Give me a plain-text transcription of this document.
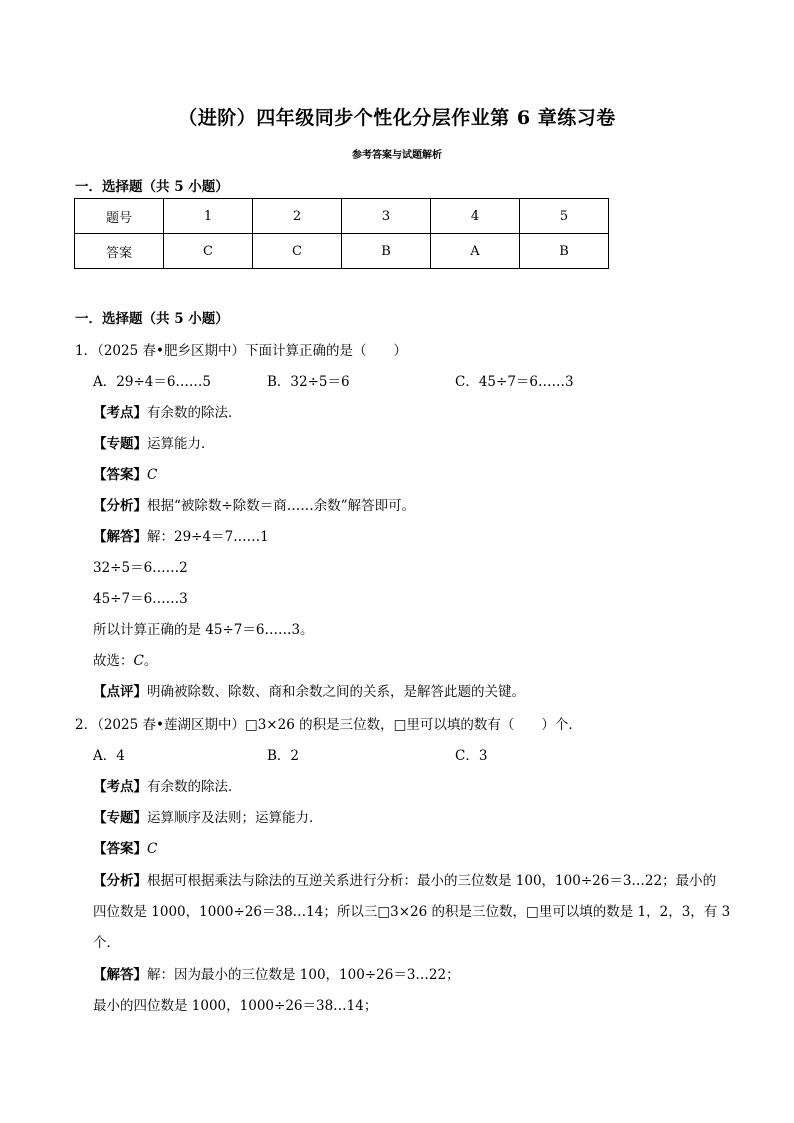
（进阶）四年级同步个性化分层作业第 6 章练习卷
参考答案与试题解析
一．选择题（共 5 小题）
题号	1	2	3	4	5
答案	C	C	B	A	B
一．选择题（共 5 小题）
1．（2025 春•肥乡区期中）下面计算正确的是（　　）
A．29÷4＝6……5	B．32÷5＝6	C．45÷7＝6……3
【考点】有余数的除法．
【专题】运算能力．
【答案】C
【分析】根据“被除数÷除数＝商……余数”解答即可。
【解答】解：29÷4＝7……1
32÷5＝6……2
45÷7＝6……3
所以计算正确的是 45÷7＝6……3。
故选：C。
【点评】明确被除数、除数、商和余数之间的关系，是解答此题的关键。
2．（2025 春•莲湖区期中）□3×26 的积是三位数，□里可以填的数有（　　）个．
A．4	B．2	C．3
【考点】有余数的除法．
【专题】运算顺序及法则；运算能力．
【答案】C
【分析】根据可根据乘法与除法的互逆关系进行分析：最小的三位数是 100，100÷26＝3…22；最小的
四位数是 1000，1000÷26＝38…14；所以三□3×26 的积是三位数，□里可以填的数是 1，2，3，有 3
个．
【解答】解：因为最小的三位数是 100，100÷26＝3…22；
最小的四位数是 1000，1000÷26＝38…14；
